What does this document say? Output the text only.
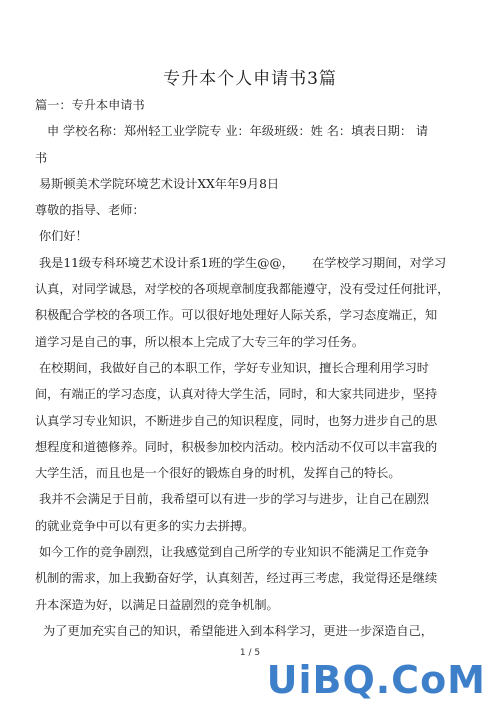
专升本个人申请书3篇
篇一：专升本申请书
申 学校名称：郑州轻工业学院专 业：年级班级：姓 名：填表日期： 请
书
易斯顿美术学院环境艺术设计XX年年9月8日
尊敬的指导、老师：
你们好！
我是11级专科环境艺术设计系1班的学生@@，　　在学校学习期间，对学习
认真，对同学诚恳，对学校的各项规章制度我都能遵守，没有受过任何批评，
积极配合学校的各项工作。可以很好地处理好人际关系，学习态度端正，知
道学习是自己的事，所以根本上完成了大专三年的学习任务。
在校期间，我做好自己的本职工作，学好专业知识，擅长合理利用学习时
间，有端正的学习态度，认真对待大学生活，同时，和大家共同进步，坚持
认真学习专业知识，不断进步自己的知识程度，同时，也努力进步自己的思
想程度和道德修养。同时，积极参加校内活动。校内活动不仅可以丰富我的
大学生活，而且也是一个很好的锻炼自身的时机，发挥自己的特长。
我并不会满足于目前，我希望可以有进一步的学习与进步，让自己在剧烈
的就业竞争中可以有更多的实力去拼搏。
如今工作的竞争剧烈，让我感觉到自己所学的专业知识不能满足工作竞争
机制的需求，加上我勤奋好学，认真刻苦，经过再三考虑，我觉得还是继续
升本深造为好，以满足日益剧烈的竞争机制。
为了更加充实自己的知识，希望能进入到本科学习，更进一步深造自己，
1 / 5
UiBQ.CoM
